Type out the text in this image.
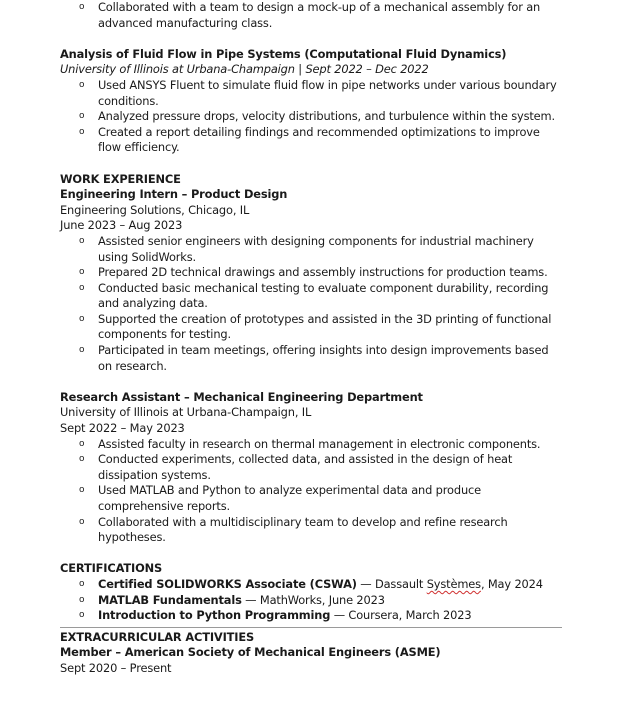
o Collaborated with a team to design a mock-up of a mechanical assembly for an advanced manufacturing class.
Analysis of Fluid Flow in Pipe Systems (Computational Fluid Dynamics)
University of Illinois at Urbana-Champaign | Sept 2022 – Dec 2022
o Used ANSYS Fluent to simulate fluid flow in pipe networks under various boundary conditions.
o Analyzed pressure drops, velocity distributions, and turbulence within the system.
o Created a report detailing findings and recommended optimizations to improve flow efficiency.
WORK EXPERIENCE
Engineering Intern – Product Design
Engineering Solutions, Chicago, IL
June 2023 – Aug 2023
o Assisted senior engineers with designing components for industrial machinery using SolidWorks.
o Prepared 2D technical drawings and assembly instructions for production teams.
o Conducted basic mechanical testing to evaluate component durability, recording and analyzing data.
o Supported the creation of prototypes and assisted in the 3D printing of functional components for testing.
o Participated in team meetings, offering insights into design improvements based on research.
Research Assistant – Mechanical Engineering Department
University of Illinois at Urbana-Champaign, IL
Sept 2022 – May 2023
o Assisted faculty in research on thermal management in electronic components.
o Conducted experiments, collected data, and assisted in the design of heat dissipation systems.
o Used MATLAB and Python to analyze experimental data and produce comprehensive reports.
o Collaborated with a multidisciplinary team to develop and refine research hypotheses.
CERTIFICATIONS
o Certified SOLIDWORKS Associate (CSWA) — Dassault Systèmes, May 2024
o MATLAB Fundamentals — MathWorks, June 2023
o Introduction to Python Programming — Coursera, March 2023
EXTRACURRICULAR ACTIVITIES
Member – American Society of Mechanical Engineers (ASME)
Sept 2020 – Present
